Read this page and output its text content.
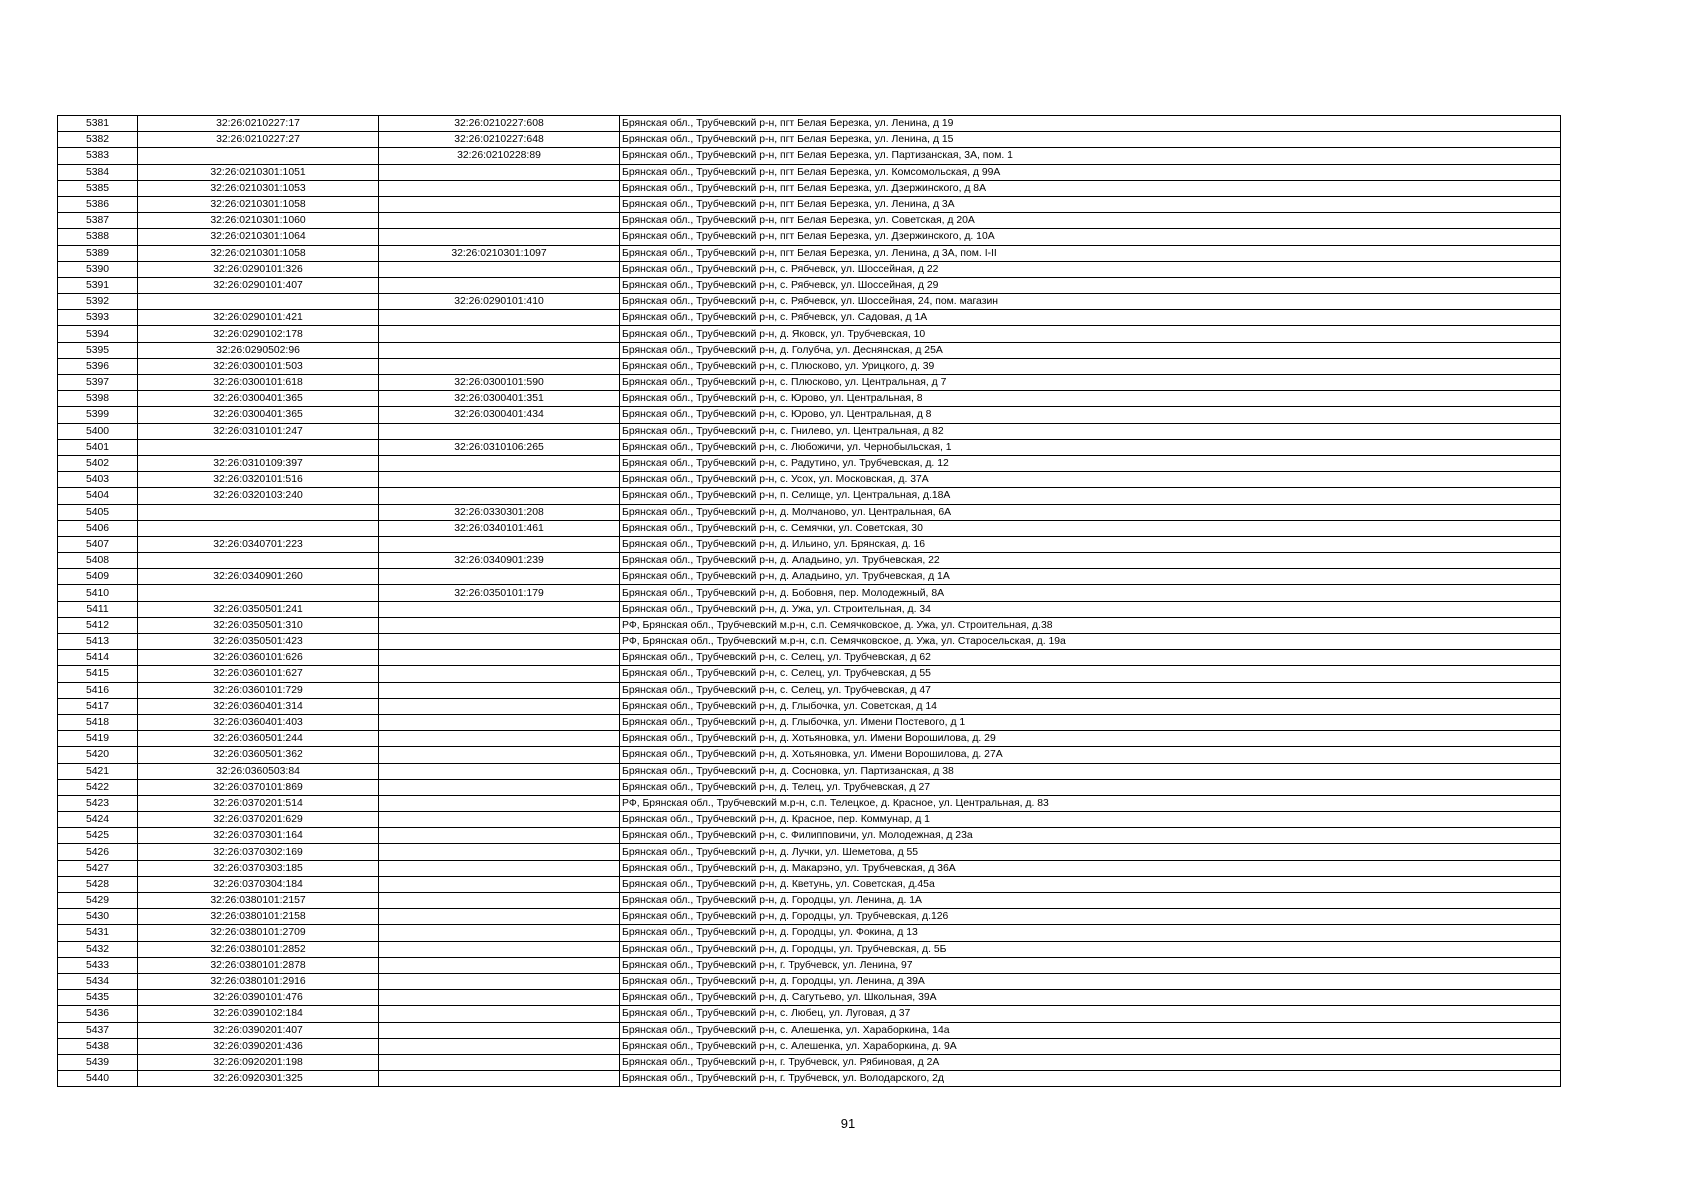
5381	32:26:0210227:17	32:26:0210227:608	Брянская обл., Трубчевский р-н, пгт Белая Березка, ул. Ленина, д 19
5382	32:26:0210227:27	32:26:0210227:648	Брянская обл., Трубчевский р-н, пгт Белая Березка, ул. Ленина, д 15
5383		32:26:0210228:89	Брянская обл., Трубчевский р-н, пгт Белая Березка, ул. Партизанская, 3А, пом. 1
5384	32:26:0210301:1051		Брянская обл., Трубчевский р-н, пгт Белая Березка, ул. Комсомольская, д 99А
5385	32:26:0210301:1053		Брянская обл., Трубчевский р-н, пгт Белая Березка, ул. Дзержинского, д 8А
5386	32:26:0210301:1058		Брянская обл., Трубчевский р-н, пгт Белая Березка, ул. Ленина, д 3А
5387	32:26:0210301:1060		Брянская обл., Трубчевский р-н, пгт Белая Березка, ул. Советская, д 20А
5388	32:26:0210301:1064		Брянская обл., Трубчевский р-н, пгт Белая Березка, ул. Дзержинского, д. 10А
5389	32:26:0210301:1058	32:26:0210301:1097	Брянская обл., Трубчевский р-н, пгт Белая Березка, ул. Ленина, д 3А, пом. I-II
5390	32:26:0290101:326		Брянская обл., Трубчевский р-н, с. Рябчевск, ул. Шоссейная, д 22
5391	32:26:0290101:407		Брянская обл., Трубчевский р-н, с. Рябчевск, ул. Шоссейная, д 29
5392		32:26:0290101:410	Брянская обл., Трубчевский р-н, с. Рябчевск, ул. Шоссейная, 24, пом. магазин
5393	32:26:0290101:421		Брянская обл., Трубчевский р-н, с. Рябчевск, ул. Садовая, д 1А
5394	32:26:0290102:178		Брянская обл., Трубчевский р-н, д. Яковск, ул. Трубчевская, 10
5395	32:26:0290502:96		Брянская обл., Трубчевский р-н, д. Голубча, ул. Деснянская, д 25А
5396	32:26:0300101:503		Брянская обл., Трубчевский р-н, с. Плюсково, ул. Урицкого, д. 39
5397	32:26:0300101:618	32:26:0300101:590	Брянская обл., Трубчевский р-н, с. Плюсково, ул. Центральная, д 7
5398	32:26:0300401:365	32:26:0300401:351	Брянская обл., Трубчевский р-н, с. Юрово, ул. Центральная, 8
5399	32:26:0300401:365	32:26:0300401:434	Брянская обл., Трубчевский р-н, с. Юрово, ул. Центральная, д 8
5400	32:26:0310101:247		Брянская обл., Трубчевский р-н, с. Гнилево, ул. Центральная, д 82
5401		32:26:0310106:265	Брянская обл., Трубчевский р-н, с. Любожичи, ул. Чернобыльская, 1
5402	32:26:0310109:397		Брянская обл., Трубчевский р-н, с. Радутино, ул. Трубчевская, д. 12
5403	32:26:0320101:516		Брянская обл., Трубчевский р-н, с. Усох, ул. Московская, д. 37А
5404	32:26:0320103:240		Брянская обл., Трубчевский р-н, п. Селище, ул. Центральная, д.18А
5405		32:26:0330301:208	Брянская обл., Трубчевский р-н, д. Молчаново, ул. Центральная, 6А
5406		32:26:0340101:461	Брянская обл., Трубчевский р-н, с. Семячки, ул. Советская, 30
5407	32:26:0340701:223		Брянская обл., Трубчевский р-н, д. Ильино, ул. Брянская, д. 16
5408		32:26:0340901:239	Брянская обл., Трубчевский р-н, д. Аладьино, ул. Трубчевская, 22
5409	32:26:0340901:260		Брянская обл., Трубчевский р-н, д. Аладьино, ул. Трубчевская, д 1А
5410		32:26:0350101:179	Брянская обл., Трубчевский р-н, д. Бобовня, пер. Молодежный, 8А
5411	32:26:0350501:241		Брянская обл., Трубчевский р-н, д. Ужа, ул. Строительная, д. 34
5412	32:26:0350501:310		РФ, Брянская обл., Трубчевский м.р-н, с.п. Семячковское, д. Ужа, ул. Строительная, д.38
5413	32:26:0350501:423		РФ, Брянская обл., Трубчевский м.р-н, с.п. Семячковское, д. Ужа, ул. Старосельская, д. 19а
5414	32:26:0360101:626		Брянская обл., Трубчевский р-н, с. Селец, ул. Трубчевская, д 62
5415	32:26:0360101:627		Брянская обл., Трубчевский р-н, с. Селец, ул. Трубчевская, д 55
5416	32:26:0360101:729		Брянская обл., Трубчевский р-н, с. Селец, ул. Трубчевская, д 47
5417	32:26:0360401:314		Брянская обл., Трубчевский р-н, д. Глыбочка, ул. Советская, д 14
5418	32:26:0360401:403		Брянская обл., Трубчевский р-н, д. Глыбочка, ул. Имени Постевого, д 1
5419	32:26:0360501:244		Брянская обл., Трубчевский р-н, д. Хотьяновка, ул. Имени Ворошилова, д. 29
5420	32:26:0360501:362		Брянская обл., Трубчевский р-н, д. Хотьяновка, ул. Имени Ворошилова, д. 27А
5421	32:26:0360503:84		Брянская обл., Трубчевский р-н, д. Сосновка, ул. Партизанская, д 38
5422	32:26:0370101:869		Брянская обл., Трубчевский р-н, д. Телец, ул. Трубчевская, д 27
5423	32:26:0370201:514		РФ, Брянская обл., Трубчевский м.р-н, с.п. Телецкое, д. Красное, ул. Центральная, д. 83
5424	32:26:0370201:629		Брянская обл., Трубчевский р-н, д. Красное, пер. Коммунар, д 1
5425	32:26:0370301:164		Брянская обл., Трубчевский р-н, с. Филипповичи, ул. Молодежная, д 23а
5426	32:26:0370302:169		Брянская обл., Трубчевский р-н, д. Лучки, ул. Шеметова, д 55
5427	32:26:0370303:185		Брянская обл., Трубчевский р-н, д. Макарэно, ул. Трубчевская, д 36А
5428	32:26:0370304:184		Брянская обл., Трубчевский р-н, д. Кветунь, ул. Советская, д.45а
5429	32:26:0380101:2157		Брянская обл., Трубчевский р-н, д. Городцы, ул. Ленина, д. 1А
5430	32:26:0380101:2158		Брянская обл., Трубчевский р-н, д. Городцы, ул. Трубчевская, д.126
5431	32:26:0380101:2709		Брянская обл., Трубчевский р-н, д. Городцы, ул. Фокина, д 13
5432	32:26:0380101:2852		Брянская обл., Трубчевский р-н, д. Городцы, ул. Трубчевская, д. 5Б
5433	32:26:0380101:2878		Брянская обл., Трубчевский р-н, г. Трубчевск, ул. Ленина, 97
5434	32:26:0380101:2916		Брянская обл., Трубчевский р-н, д. Городцы, ул. Ленина, д 39А
5435	32:26:0390101:476		Брянская обл., Трубчевский р-н, д. Сагутьево, ул. Школьная, 39А
5436	32:26:0390102:184		Брянская обл., Трубчевский р-н, с. Любец, ул. Луговая, д 37
5437	32:26:0390201:407		Брянская обл., Трубчевский р-н, с. Алешенка, ул. Хараборкина, 14а
5438	32:26:0390201:436		Брянская обл., Трубчевский р-н, с. Алешенка, ул. Хараборкина, д. 9А
5439	32:26:0920201:198		Брянская обл., Трубчевский р-н, г. Трубчевск, ул. Рябиновая, д 2А
5440	32:26:0920301:325		Брянская обл., Трубчевский р-н, г. Трубчевск, ул. Володарского, 2д
91
